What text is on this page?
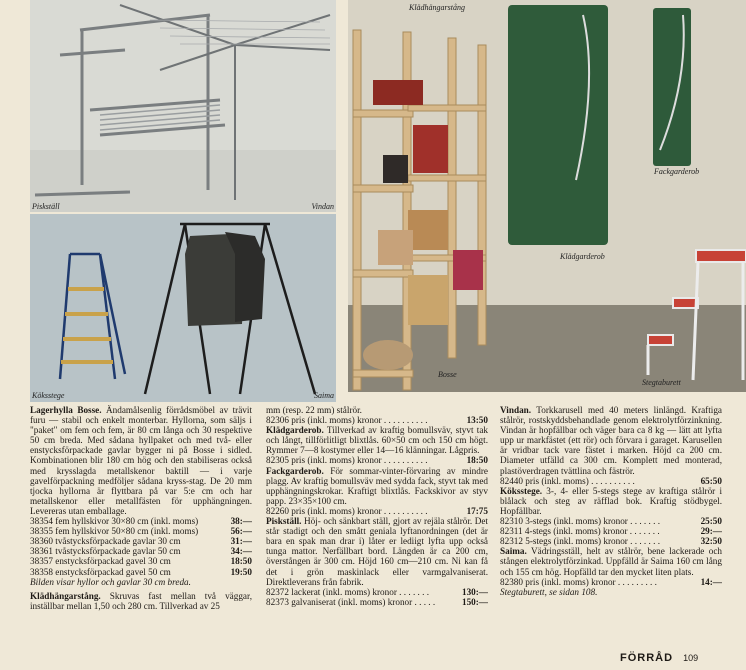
Piskställ	Vindan
Köksstege	Saima
Klädhängarstång
Fackgarderob
Klädgarderob
Bosse
Stegtaburett

Lagerhylla Bosse. Ändamålsenlig förrådsmöbel av trävit furu — stabil och enkelt monterbar. Hyllorna, som säljs i "paket" om fem och fem, är 80 cm långa och 30 respektive 50 cm breda. Med sådana hyllpaket och med två- eller enstycksförpackade gavlar bygger ni på Bosse i sidled. Kombinationen blir 180 cm hög och den stabiliseras också med krysslagda metallskenor baktill — i varje gavelförpackning medföljer sådana kryss-stag. De 20 mm tjocka hyllorna är flyttbara på var 5:e cm och har metallskenor eller metallfästen för upphängningen. Levereras utan emballage.

38354 fem hyllskivor 30×80 cm (inkl. moms)	38:—
38355 fem hyllskivor 50×80 cm (inkl. moms)	56:—
38360 tvåstycksförpackade gavlar 30 cm	31:—
38361 tvåstycksförpackade gavlar 50 cm	34:—
38357 enstycksförpackad gavel 30 cm	18:50
38358 enstycksförpackad gavel 50 cm	19:50

Bilden visar hyllor och gavlar 30 cm breda.

Klädhängarstång. Skruvas fast mellan två väggar, inställbar mellan 1,50 och 280 cm. Tillverkad av 25

mm (resp. 22 mm) stålrör.

82306 pris (inkl. moms) kronor . . . . . . . . . .	13:50

Klädgarderob. Tillverkad av kraftig bomullsväv, styvt tak och långt, tillförlitligt blixtlås. 60×50 cm och 150 cm högt. Rymmer 7—8 kostymer eller 14—16 klänningar. Lågpris.

82305 pris (inkl. moms) kronor . . . . . . . . . .	18:50

Fackgarderob. För sommar-vinter-förvaring av mindre plagg. Av kraftig bomullsväv med sydda fack, styvt tak med upphängningskrokar. Kraftigt blixtlås. Fackskivor av styv papp. 23×35×100 cm.

82260 pris (inkl. moms) kronor . . . . . . . . . .	17:75

Piskställ. Höj- och sänkbart ställ, gjort av rejäla stålrör. Det står stadigt och den smått geniala lyftanordningen (det är bara en spak man drar i) låter er lediigt lyfta upp också tunga mattor. Nerfällbart bord. Längden är ca 200 cm, överstången är 300 cm. Höjd 160 cm—210 cm. Ni kan få det i grön maskinlack eller varmgalvaniserat. Direktleverans från fabrik.

82372 lackerat (inkl. moms) kronor . . . . . . .	130:—
82373 galvaniserat (inkl. moms) kronor . . . . .	150:—

Vindan. Torkkarusell med 40 meters linlängd. Kraftiga stålrör, rostskyddsbehandlade genom elektrolytförzinkning. Vindan är hopfällbar och väger bara ca 8 kg — lätt att lyfta upp ur markfästet (ett rör) och förvara i garaget. Karusellen är vridbar tack vare fästet i marken. Höjd ca 200 cm. Diameter utfälld ca 300 cm. Komplett med monterad, plastöverdragen tvättlina och fäströr.

82440 pris (inkl. moms) . . . . . . . . . .	65:50

Köksstege. 3-, 4- eller 5-stegs stege av kraftiga stålrör i blålack och steg av räfflad bok. Kraftig stödbygel. Hopfällbar.

82310 3-stegs (inkl. moms) kronor . . . . . . .	25:50
82311 4-stegs (inkl. moms) kronor . . . . . . .	29:—
82312 5-stegs (inkl. moms) kronor . . . . . . .	32:50

Saima. Vädringsställ, helt av stålrör, bene lackerade och stången elektrolytförzinkad. Uppfälld är Saima 160 cm lång och 155 cm hög. Hopfälld tar den mycket liten plats.

82380 pris (inkl. moms) kronor . . . . . . . . .	14:—

Stegtaburett, se sidan 108.

FÖRRÅD 109
